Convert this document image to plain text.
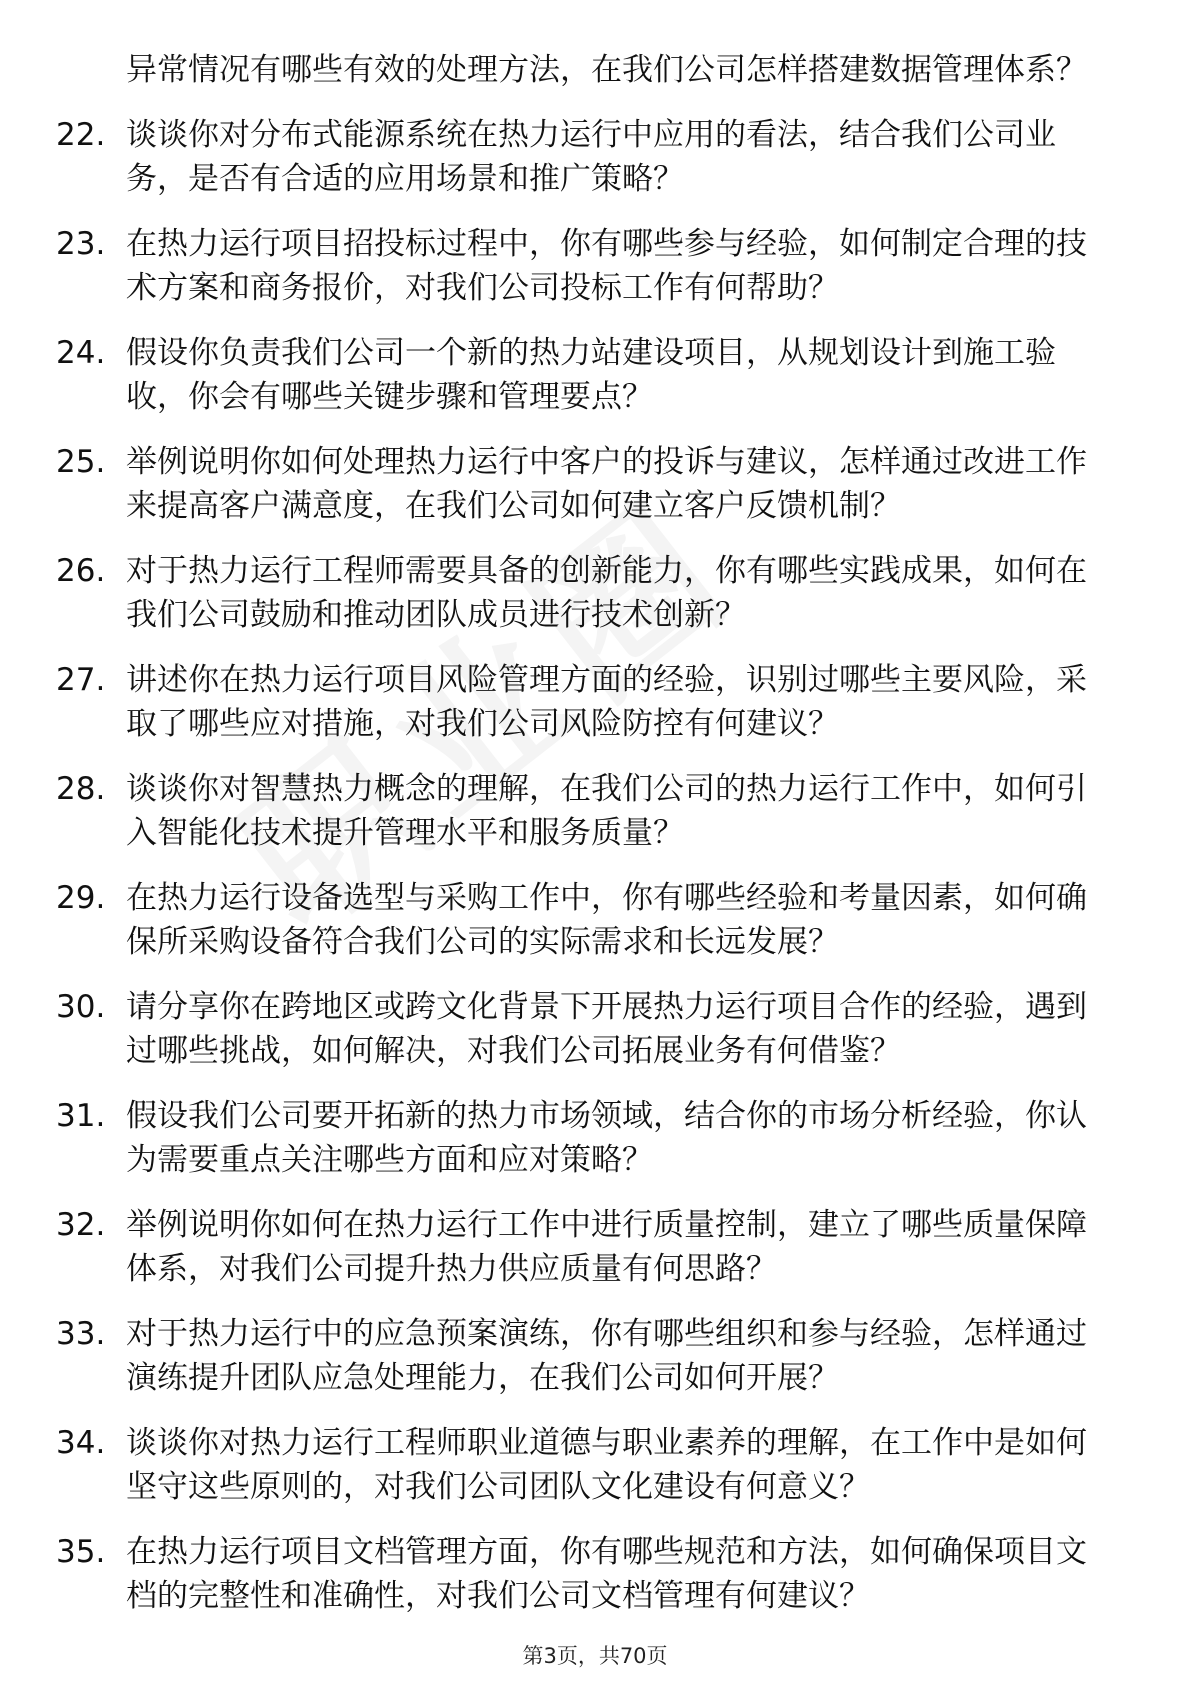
异常情况有哪些有效的处理方法，在我们公司怎样搭建数据管理体系？
22. 谈谈你对分布式能源系统在热力运行中应用的看法，结合我们公司业务，是否有合适的应用场景和推广策略？
23. 在热力运行项目招投标过程中，你有哪些参与经验，如何制定合理的技术方案和商务报价，对我们公司投标工作有何帮助？
24. 假设你负责我们公司一个新的热力站建设项目，从规划设计到施工验收，你会有哪些关键步骤和管理要点？
25. 举例说明你如何处理热力运行中客户的投诉与建议，怎样通过改进工作来提高客户满意度，在我们公司如何建立客户反馈机制？
26. 对于热力运行工程师需要具备的创新能力，你有哪些实践成果，如何在我们公司鼓励和推动团队成员进行技术创新？
27. 讲述你在热力运行项目风险管理方面的经验，识别过哪些主要风险，采取了哪些应对措施，对我们公司风险防控有何建议？
28. 谈谈你对智慧热力概念的理解，在我们公司的热力运行工作中，如何引入智能化技术提升管理水平和服务质量？
29. 在热力运行设备选型与采购工作中，你有哪些经验和考量因素，如何确保所采购设备符合我们公司的实际需求和长远发展？
30. 请分享你在跨地区或跨文化背景下开展热力运行项目合作的经验，遇到过哪些挑战，如何解决，对我们公司拓展业务有何借鉴？
31. 假设我们公司要开拓新的热力市场领域，结合你的市场分析经验，你认为需要重点关注哪些方面和应对策略？
32. 举例说明你如何在热力运行工作中进行质量控制，建立了哪些质量保障体系，对我们公司提升热力供应质量有何思路？
33. 对于热力运行中的应急预案演练，你有哪些组织和参与经验，怎样通过演练提升团队应急处理能力，在我们公司如何开展？
34. 谈谈你对热力运行工程师职业道德与职业素养的理解，在工作中是如何坚守这些原则的，对我们公司团队文化建设有何意义？
35. 在热力运行项目文档管理方面，你有哪些规范和方法，如何确保项目文档的完整性和准确性，对我们公司文档管理有何建议？
第3页，共70页
